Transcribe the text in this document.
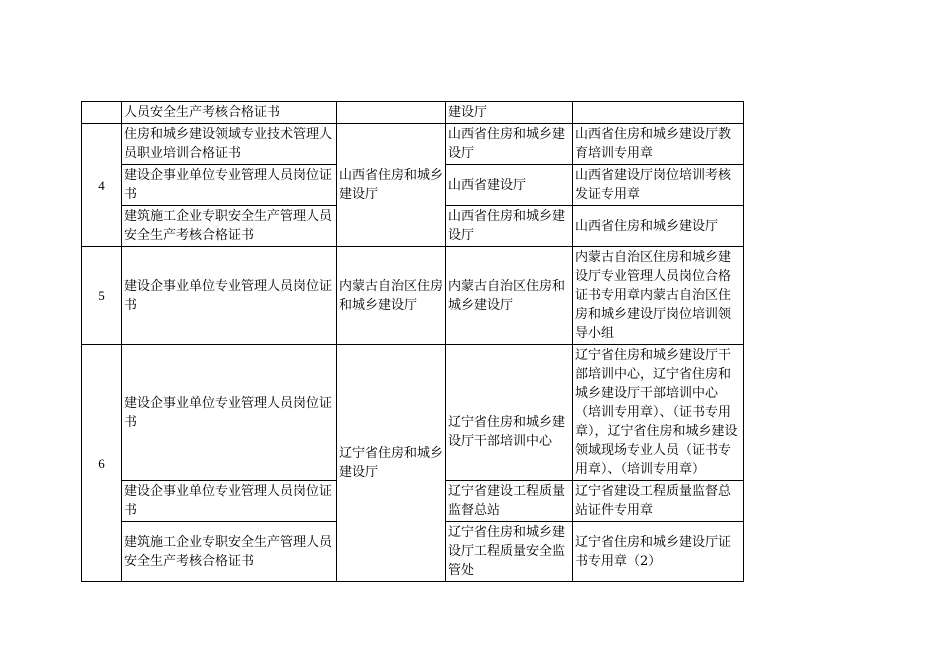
	人员安全生产考核合格证书		建设厅	
4	住房和城乡建设领域专业技术管理人员职业培训合格证书	山西省住房和城乡建设厅	山西省住房和城乡建设厅	山西省住房和城乡建设厅教育培训专用章
	建设企事业单位专业管理人员岗位证书		山西省建设厅	山西省建设厅岗位培训考核发证专用章
	建筑施工企业专职安全生产管理人员安全生产考核合格证书		山西省住房和城乡建设厅	山西省住房和城乡建设厅
5	建设企事业单位专业管理人员岗位证书	内蒙古自治区住房和城乡建设厅	内蒙古自治区住房和城乡建设厅	内蒙古自治区住房和城乡建设厅专业管理人员岗位合格证书专用章内蒙古自治区住房和城乡建设厅岗位培训领导小组
6	建设企事业单位专业管理人员岗位证书	辽宁省住房和城乡建设厅	辽宁省住房和城乡建设厅干部培训中心	辽宁省住房和城乡建设厅干部培训中心，辽宁省住房和城乡建设厅干部培训中心（培训专用章）、（证书专用章），辽宁省住房和城乡建设领域现场专业人员（证书专用章）、（培训专用章）
	建设企事业单位专业管理人员岗位证书		辽宁省建设工程质量监督总站	辽宁省建设工程质量监督总站证件专用章
	建筑施工企业专职安全生产管理人员安全生产考核合格证书		辽宁省住房和城乡建设厅工程质量安全监管处	辽宁省住房和城乡建设厅证书专用章（2）
